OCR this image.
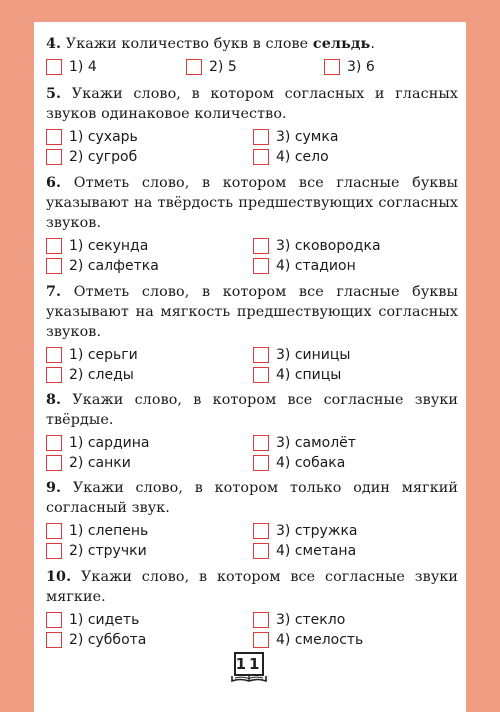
4. Укажи количество букв в слове сельдь.
1) 4	2) 5	3) 6
5. Укажи слово, в котором согласных и гласных звуков одинаковое количество.
1) сухарь	3) сумка
2) сугроб	4) село
6. Отметь слово, в котором все гласные буквы указывают на твёрдость предшествующих согласных звуков.
1) секунда	3) сковородка
2) салфетка	4) стадион
7. Отметь слово, в котором все гласные буквы указывают на мягкость предшествующих согласных звуков.
1) серьги	3) синицы
2) следы	4) спицы
8. Укажи слово, в котором все согласные звуки твёрдые.
1) сардина	3) самолёт
2) санки	4) собака
9. Укажи слово, в котором только один мягкий согласный звук.
1) слепень	3) стружка
2) стручки	4) сметана
10. Укажи слово, в котором все согласные звуки мягкие.
1) сидеть	3) стекло
2) суббота	4) смелость
11
